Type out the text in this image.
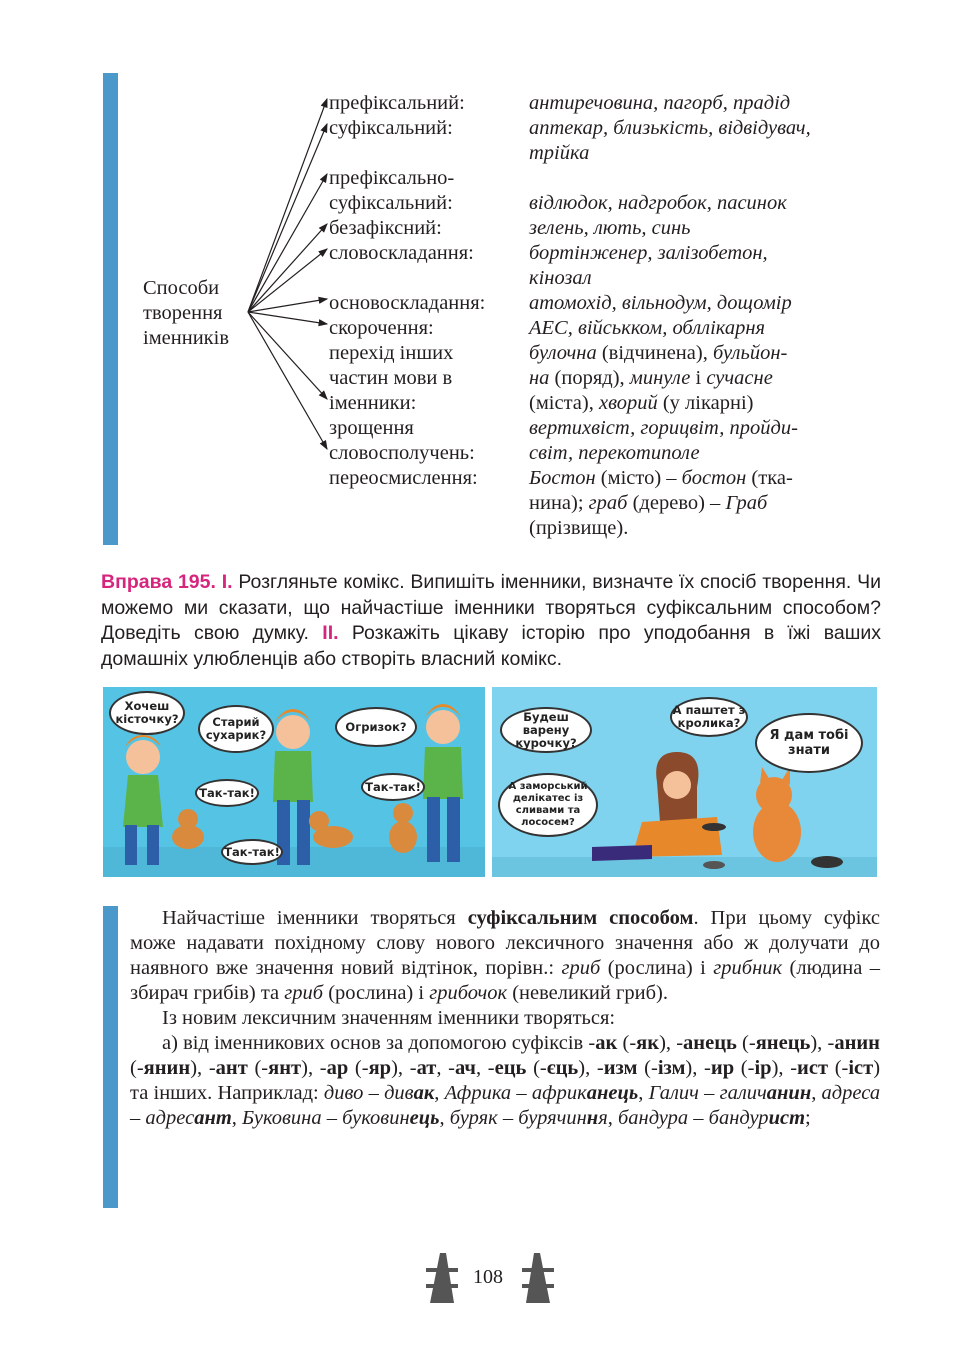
Способи
творення
іменників
префіксальний:	антиречовина, пагорб, прадід
суфіксальний:	аптекар, близькість, відвідувач,
трійка
префіксально-
суфіксальний:	відлюдок, надгробок, пасинок
безафіксний:	зелень, лють, синь
словоскладання:	бортінженер, залізобетон,
кінозал
основоскладання: атомохід, вільнодум, дощомір
скорочення:	АЕС, військком, обллікарня
перехід інших	булочна (відчинена), бульйон-
частин мови в	на (поряд), минуле і сучасне
іменники:	(міста), хворий (у лікарні)
зрощення	вертихвіст, горицвіт, пройди-
словосполучень:	світ, перекотиполе
переосмислення:	Бостон (місто) – бостон (тка-
нина); граб (дерево) – Граб
(прізвище).
Вправа 195. I. Розгляньте комікс. Випишіть іменники, визначте їх спосіб творення. Чи можемо ми сказати, що найчастіше іменники творяться суфіксальним способом? Доведіть свою думку. II. Розкажіть цікаву історію про уподобання в їжі ваших домашніх улюбленців або створіть власний комікс.
Хочеш кісточку?	Старий сухарик?
Огризок?
Так-так!	Так-так!
Так-так!
Будеш варену курочку?
А паштет з кролика?
Я дам тобі знати
А заморський делікатес із сливами та лососем?

Найчастіше іменники творяться суфіксальним способом. При цьому суфікс може надавати похідному слову нового лексичного значення або ж долучати до наявного вже значення новий відтінок, порівн.: гриб (рослина) і грибник (людина – збирач грибів) та гриб (рослина) і грибочок (невеликий гриб).

Із новим лексичним значенням іменники творяться:

а) від іменникових основ за допомогою суфіксів -ак (-як), -анець (-янець), -анин (-янин), -ант (-янт), -ар (-яр), -ат, -ач, -ець (-єць), -изм (-ізм), -ир (-ір), -ист (-іст) та інших. Наприклад: диво – дивак, Африка – африканець, Галич – галичанин, адреса – адресант, Буковина – буковинець, буряк – бурячиння, бандура – бандурист;

108
